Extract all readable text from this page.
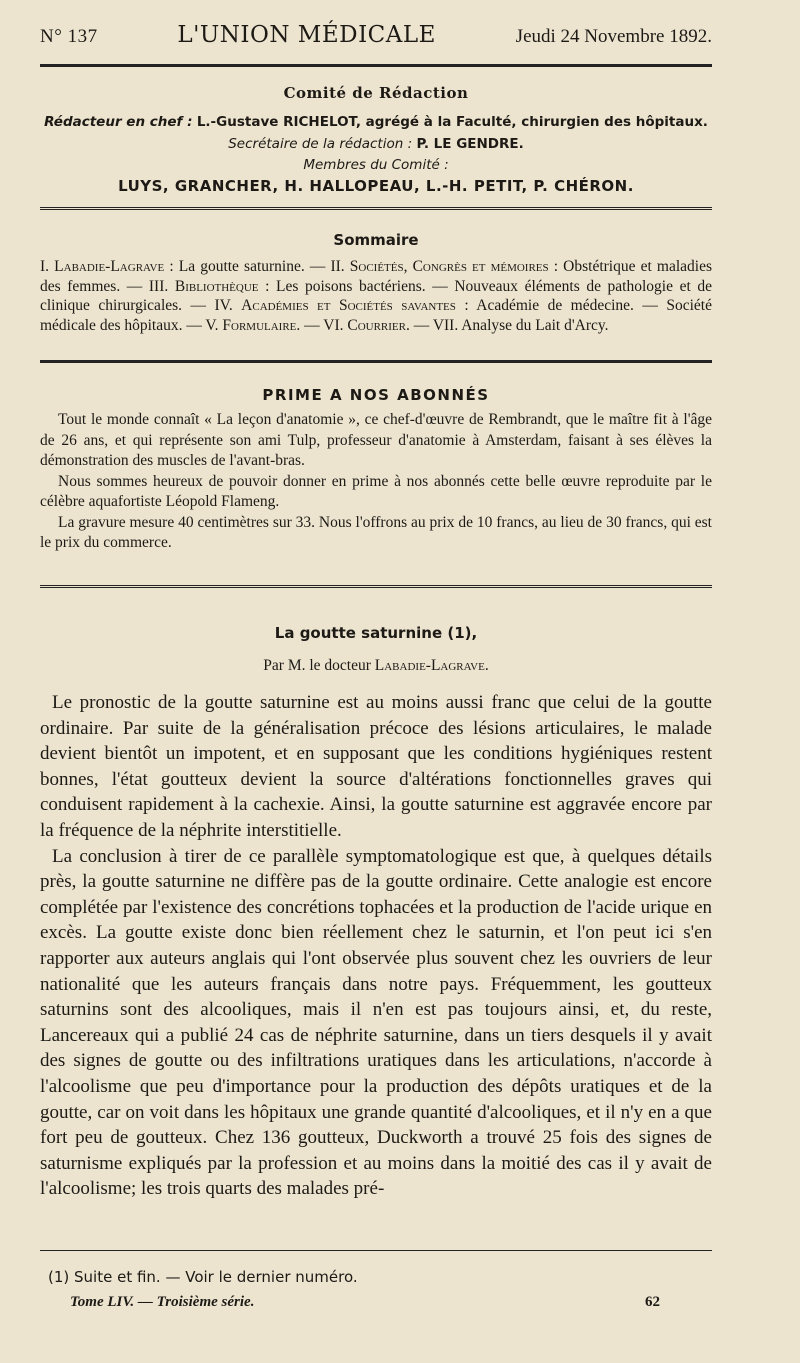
N° 137	L'UNION MÉDICALE	Jeudi 24 Novembre 1892.
Comité de Rédaction
Rédacteur en chef : L.-Gustave RICHELOT, agrégé à la Faculté, chirurgien des hôpitaux.
Secrétaire de la rédaction : P. LE GENDRE.
Membres du Comité :
LUYS, GRANCHER, H. HALLOPEAU, L.-H. PETIT, P. CHÉRON.
Sommaire
I. Labadie-Lagrave : La goutte saturnine. — II. Sociétés, Congrès et mémoires : Obstétrique et maladies des femmes. — III. Bibliothèque : Les poisons bactériens. — Nouveaux éléments de pathologie et de clinique chirurgicales. — IV. Académies et Sociétés savantes : Académie de médecine. — Société médicale des hôpitaux. — V. Formulaire. — VI. Courrier. — VII. Analyse du Lait d'Arcy.
PRIME A NOS ABONNÉS

Tout le monde connaît « La leçon d'anatomie », ce chef-d'œuvre de Rembrandt, que le maître fit à l'âge de 26 ans, et qui représente son ami Tulp, professeur d'anatomie à Amsterdam, faisant à ses élèves la démonstration des muscles de l'avant-bras.

Nous sommes heureux de pouvoir donner en prime à nos abonnés cette belle œuvre reproduite par le célèbre aquafortiste Léopold Flameng.

La gravure mesure 40 centimètres sur 33. Nous l'offrons au prix de 10 francs, au lieu de 30 francs, qui est le prix du commerce.

La goutte saturnine (1),
Par M. le docteur Labadie-Lagrave.

Le pronostic de la goutte saturnine est au moins aussi franc que celui de la goutte ordinaire. Par suite de la généralisation précoce des lésions articulaires, le malade devient bientôt un impotent, et en supposant que les conditions hygiéniques restent bonnes, l'état goutteux devient la source d'altérations fonctionnelles graves qui conduisent rapidement à la cachexie. Ainsi, la goutte saturnine est aggravée encore par la fréquence de la néphrite interstitielle.

La conclusion à tirer de ce parallèle symptomatologique est que, à quelques détails près, la goutte saturnine ne diffère pas de la goutte ordinaire. Cette analogie est encore complétée par l'existence des concrétions tophacées et la production de l'acide urique en excès. La goutte existe donc bien réellement chez le saturnin, et l'on peut ici s'en rapporter aux auteurs anglais qui l'ont observée plus souvent chez les ouvriers de leur nationalité que les auteurs français dans notre pays. Fréquemment, les goutteux saturnins sont des alcooliques, mais il n'en est pas toujours ainsi, et, du reste, Lancereaux qui a publié 24 cas de néphrite saturnine, dans un tiers desquels il y avait des signes de goutte ou des infiltrations uratiques dans les articulations, n'accorde à l'alcoolisme que peu d'importance pour la production des dépôts uratiques et de la goutte, car on voit dans les hôpitaux une grande quantité d'alcooliques, et il n'y en a que fort peu de goutteux. Chez 136 goutteux, Duckworth a trouvé 25 fois des signes de saturnisme expliqués par la profession et au moins dans la moitié des cas il y avait de l'alcoolisme; les trois quarts des malades pré-

(1) Suite et fin. — Voir le dernier numéro.
Tome LIV. — Troisième série.	62
